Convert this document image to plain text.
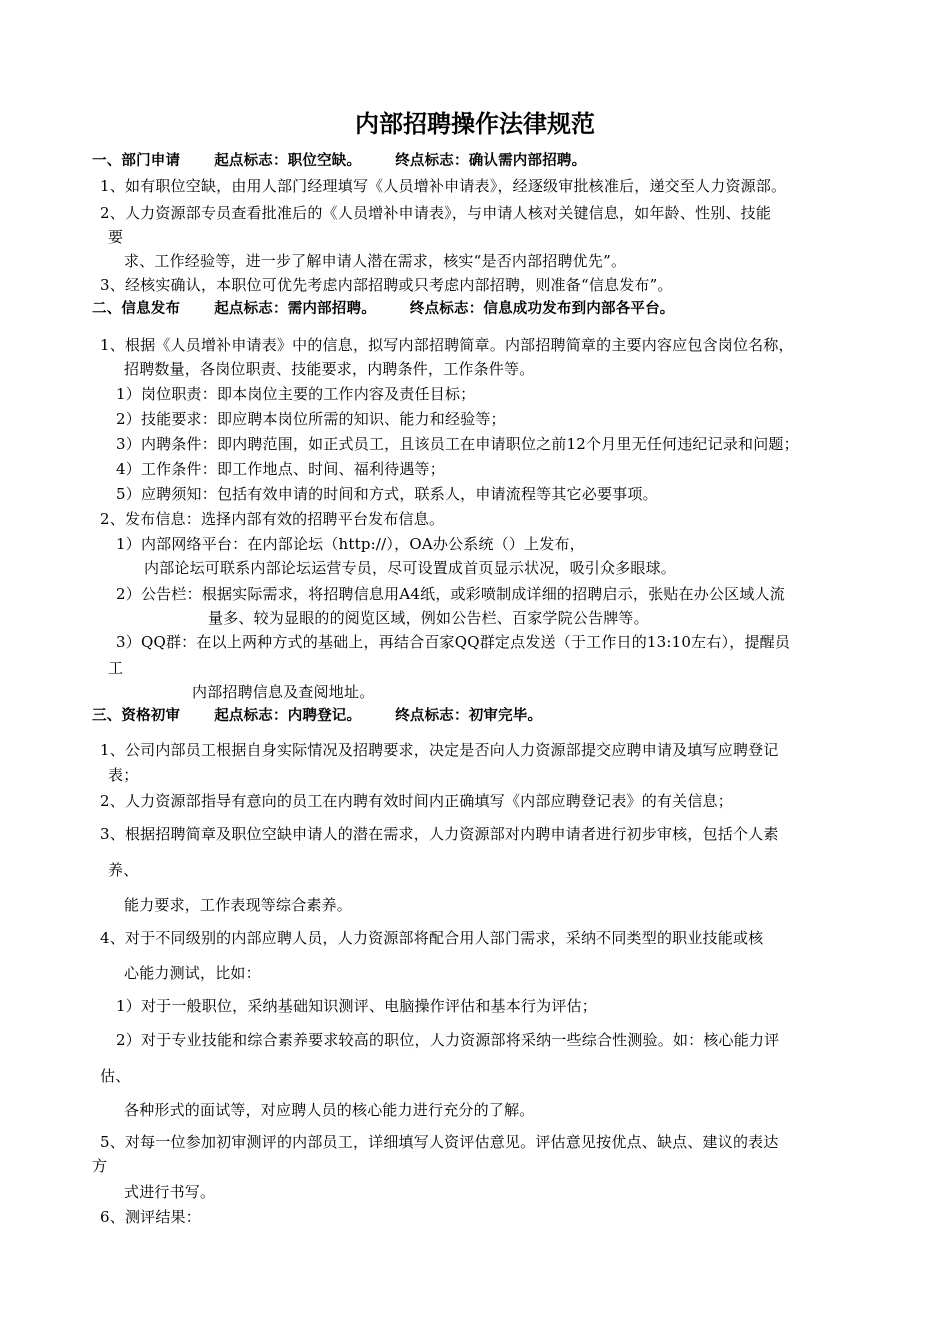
内部招聘操作法律规范
一、部门申请 起点标志：职位空缺。 终点标志：确认需内部招聘。
1、如有职位空缺，由用人部门经理填写《人员增补申请表》，经逐级审批核准后，递交至人力资源部。
2、人力资源部专员查看批准后的《人员增补申请表》，与申请人核对关键信息，如年龄、性别、技能
要
求、工作经验等，进一步了解申请人潜在需求，核实“是否内部招聘优先”。
3、经核实确认，本职位可优先考虑内部招聘或只考虑内部招聘，则准备“信息发布”。
二、信息发布 起点标志：需内部招聘。 终点标志：信息成功发布到内部各平台。
1、根据《人员增补申请表》中的信息，拟写内部招聘简章。内部招聘简章的主要内容应包含岗位名称，
招聘数量，各岗位职责、技能要求，内聘条件，工作条件等。
1）岗位职责：即本岗位主要的工作内容及责任目标；
2）技能要求：即应聘本岗位所需的知识、能力和经验等；
3）内聘条件：即内聘范围，如正式员工，且该员工在申请职位之前12个月里无任何违纪记录和问题；
4）工作条件：即工作地点、时间、福利待遇等；
5）应聘须知：包括有效申请的时间和方式，联系人，申请流程等其它必要事项。
2、发布信息：选择内部有效的招聘平台发布信息。
1）内部网络平台：在内部论坛（http://），OA办公系统（）上发布，
内部论坛可联系内部论坛运营专员，尽可设置成首页显示状况，吸引众多眼球。
2）公告栏：根据实际需求，将招聘信息用A4纸，或彩喷制成详细的招聘启示，张贴在办公区域人流
量多、较为显眼的的阅览区域，例如公告栏、百家学院公告牌等。
3）QQ群：在以上两种方式的基础上，再结合百家QQ群定点发送（于工作日的13:10左右），提醒员
工
内部招聘信息及查阅地址。
三、资格初审 起点标志：内聘登记。 终点标志：初审完毕。
1、公司内部员工根据自身实际情况及招聘要求，决定是否向人力资源部提交应聘申请及填写应聘登记
表；
2、人力资源部指导有意向的员工在内聘有效时间内正确填写《内部应聘登记表》的有关信息；
3、根据招聘简章及职位空缺申请人的潜在需求，人力资源部对内聘申请者进行初步审核，包括个人素
养、
能力要求，工作表现等综合素养。
4、对于不同级别的内部应聘人员，人力资源部将配合用人部门需求，采纳不同类型的职业技能或核
心能力测试，比如：
1）对于一般职位，采纳基础知识测评、电脑操作评估和基本行为评估；
2）对于专业技能和综合素养要求较高的职位，人力资源部将采纳一些综合性测验。如：核心能力评
估、
各种形式的面试等，对应聘人员的核心能力进行充分的了解。
5、对每一位参加初审测评的内部员工，详细填写人资评估意见。评估意见按优点、缺点、建议的表达
方
式进行书写。
6、测评结果：
